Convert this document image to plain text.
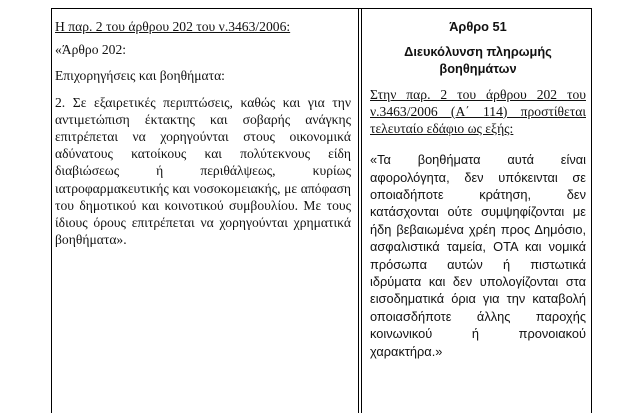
Η παρ. 2 του άρθρου 202 του ν.3463/2006:

«Άρθρο 202:

Επιχορηγήσεις και βοηθήματα:

2. Σε εξαιρετικές περιπτώσεις, καθώς και για την αντιμετώπιση έκτακτης και σοβαρής ανάγκης επιτρέπεται να χορηγούνται στους οικονομικά αδύνατους κατοίκους και πολύτεκνους είδη διαβιώσεως ή περιθάλψεως, κυρίως ιατροφαρμακευτικής και νοσοκομειακής, με απόφαση του δημοτικού και κοινοτικού συμβουλίου. Με τους ίδιους όρους επιτρέπεται να χορηγούνται χρηματικά βοηθήματα».

Άρθρο 51

Διευκόλυνση πληρωμής βοηθημάτων

Στην παρ. 2 του άρθρου 202 του ν.3463/2006 (Α΄ 114) προστίθεται τελευταίο εδάφιο ως εξής:

«Τα βοηθήματα αυτά είναι αφορολόγητα, δεν υπόκεινται σε οποιαδήποτε κράτηση, δεν κατάσχονται ούτε συμψηφίζονται με ήδη βεβαιωμένα χρέη προς Δημόσιο, ασφαλιστικά ταμεία, ΟΤΑ και νομικά πρόσωπα αυτών ή πιστωτικά ιδρύματα και δεν υπολογίζονται στα εισοδηματικά όρια για την καταβολή οποιασδήποτε άλλης παροχής κοινωνικού ή προνοιακού χαρακτήρα.»
